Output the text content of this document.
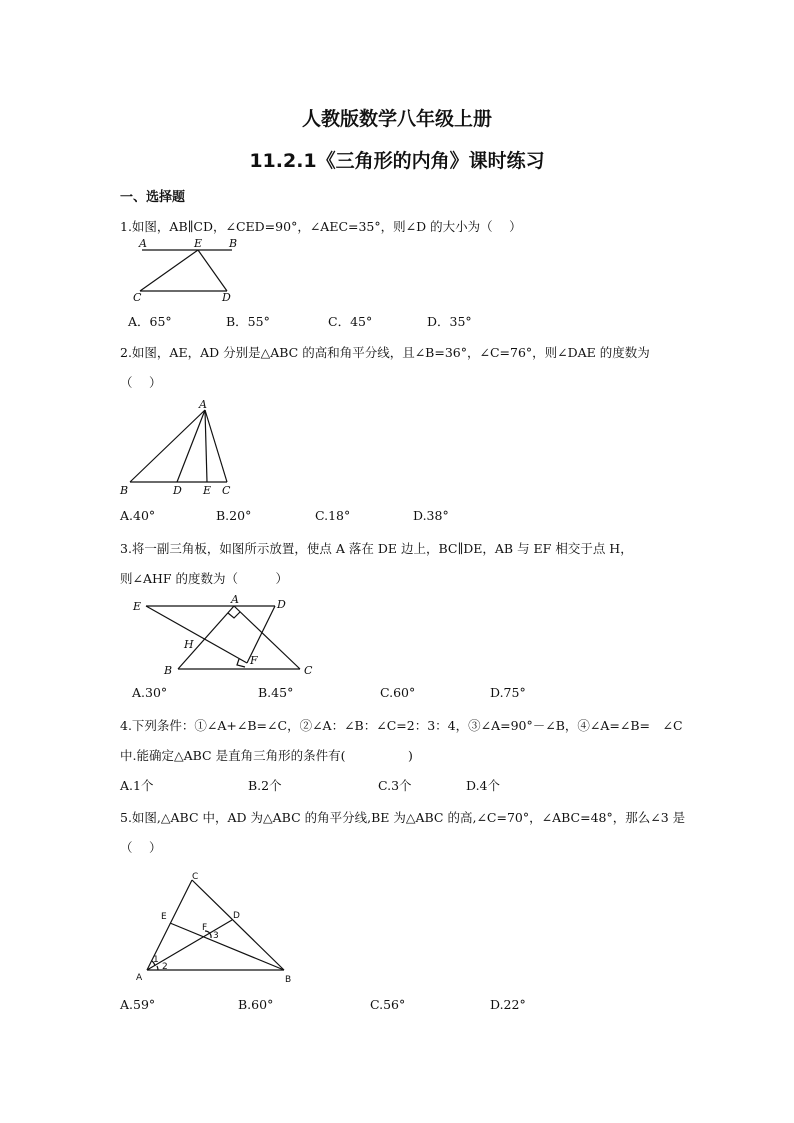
人教版数学八年级上册
11.2.1《三角形的内角》课时练习
一、选择题
1.如图，AB∥CD，∠CED=90°，∠AEC=35°，则∠D 的大小为（　 ）
A	E B
C	D
A．65°	B．55°	C．45°	D．35°
2.如图，AE，AD 分别是△ABC 的高和角平分线，且∠B=36°，∠C=76°，则∠DAE 的度数为
（　 ）
A
B	D E C
A.40°	B.20°	C.18°	D.38°
3.将一副三角板，如图所示放置，使点 A 落在 DE 边上，BC∥DE，AB 与 EF 相交于点 H，
则∠AHF 的度数为（　　　）
E
A	D
H
F
B	C
A.30°	B.45°	C.60°	D.75°
4.下列条件：①∠A+∠B=∠C，②∠A：∠B：∠C=2：3：4，③∠A=90°－∠B，④∠A=∠B=　∠C
中.能确定△ABC 是直角三角形的条件有(　　　　　)
A.1个	B.2个	C.3个	D.4个
5.如图,△ABC 中，AD 为△ABC 的角平分线,BE 为△ABC 的高,∠C=70°，∠ABC=48°，那么∠3 是
（　 ）
C
E	D
F
3
1
2
A	B
A.59°	B.60°	C.56°	D.22°
